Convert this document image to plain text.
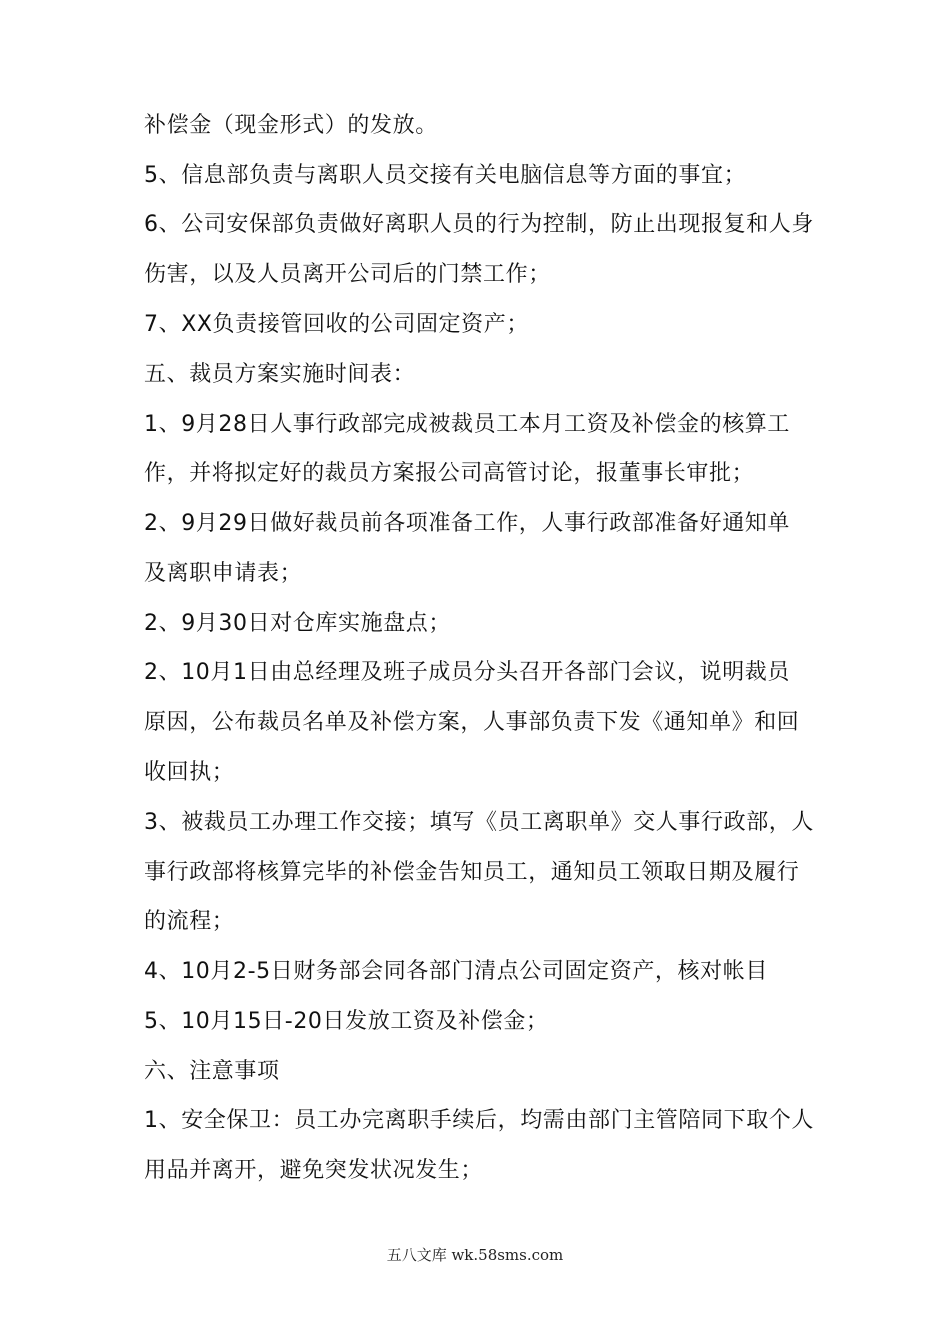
补偿金（现金形式）的发放。
5、信息部负责与离职人员交接有关电脑信息等方面的事宜；
6、公司安保部负责做好离职人员的行为控制，防止出现报复和人身
伤害，以及人员离开公司后的门禁工作；
7、XX负责接管回收的公司固定资产；
五、裁员方案实施时间表：
1、9月28日人事行政部完成被裁员工本月工资及补偿金的核算工
作，并将拟定好的裁员方案报公司高管讨论，报董事长审批；
2、9月29日做好裁员前各项准备工作，人事行政部准备好通知单
及离职申请表；
2、9月30日对仓库实施盘点；
2、10月1日由总经理及班子成员分头召开各部门会议，说明裁员
原因，公布裁员名单及补偿方案，人事部负责下发《通知单》和回
收回执；
3、被裁员工办理工作交接；填写《员工离职单》交人事行政部，人
事行政部将核算完毕的补偿金告知员工，通知员工领取日期及履行
的流程；
4、10月2-5日财务部会同各部门清点公司固定资产，核对帐目
5、10月15日-20日发放工资及补偿金；
六、注意事项
1、安全保卫：员工办完离职手续后，均需由部门主管陪同下取个人
用品并离开，避免突发状况发生；
五八文库 wk.58sms.com
